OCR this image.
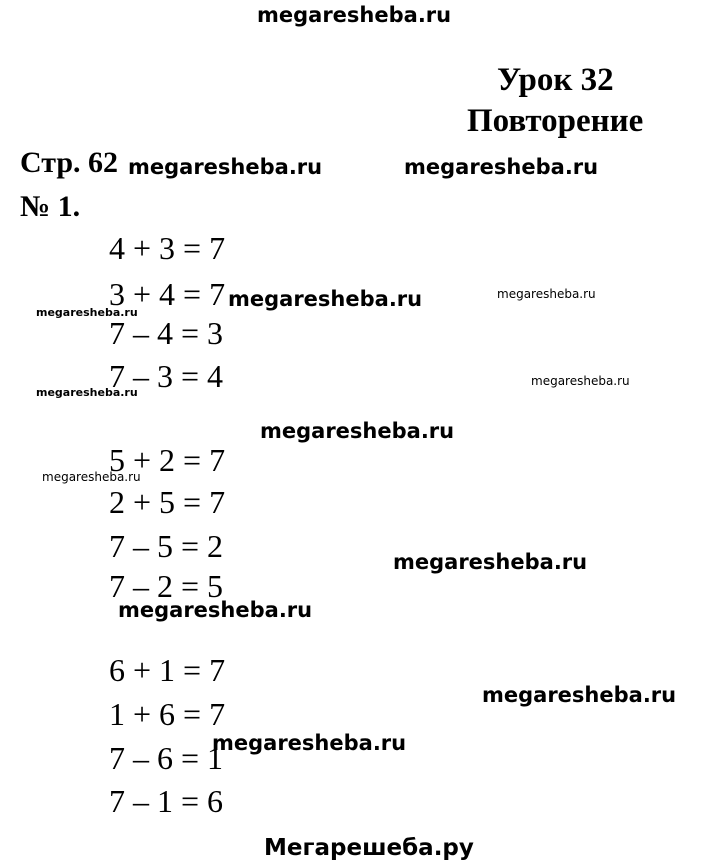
megaresheba.ru
Урок 32
Повторение
Стр. 62 megaresheba.ru	megaresheba.ru
№ 1.
4 + 3 = 7
3 + 4 = 7 megaresheba.ru	megaresheba.ru
megaresheba.ru
7 – 4 = 3
7 – 3 = 4
megaresheba.ru
megaresheba.ru
megaresheba.ru
5 + 2 = 7
megaresheba.ru
2 + 5 = 7
7 – 5 = 2	megaresheba.ru
7 – 2 = 5
megaresheba.ru
6 + 1 = 7
megaresheba.ru
1 + 6 = 7
7 – 6 = 1
megaresheba.ru
7 – 1 = 6
Мегарешеба.ру
